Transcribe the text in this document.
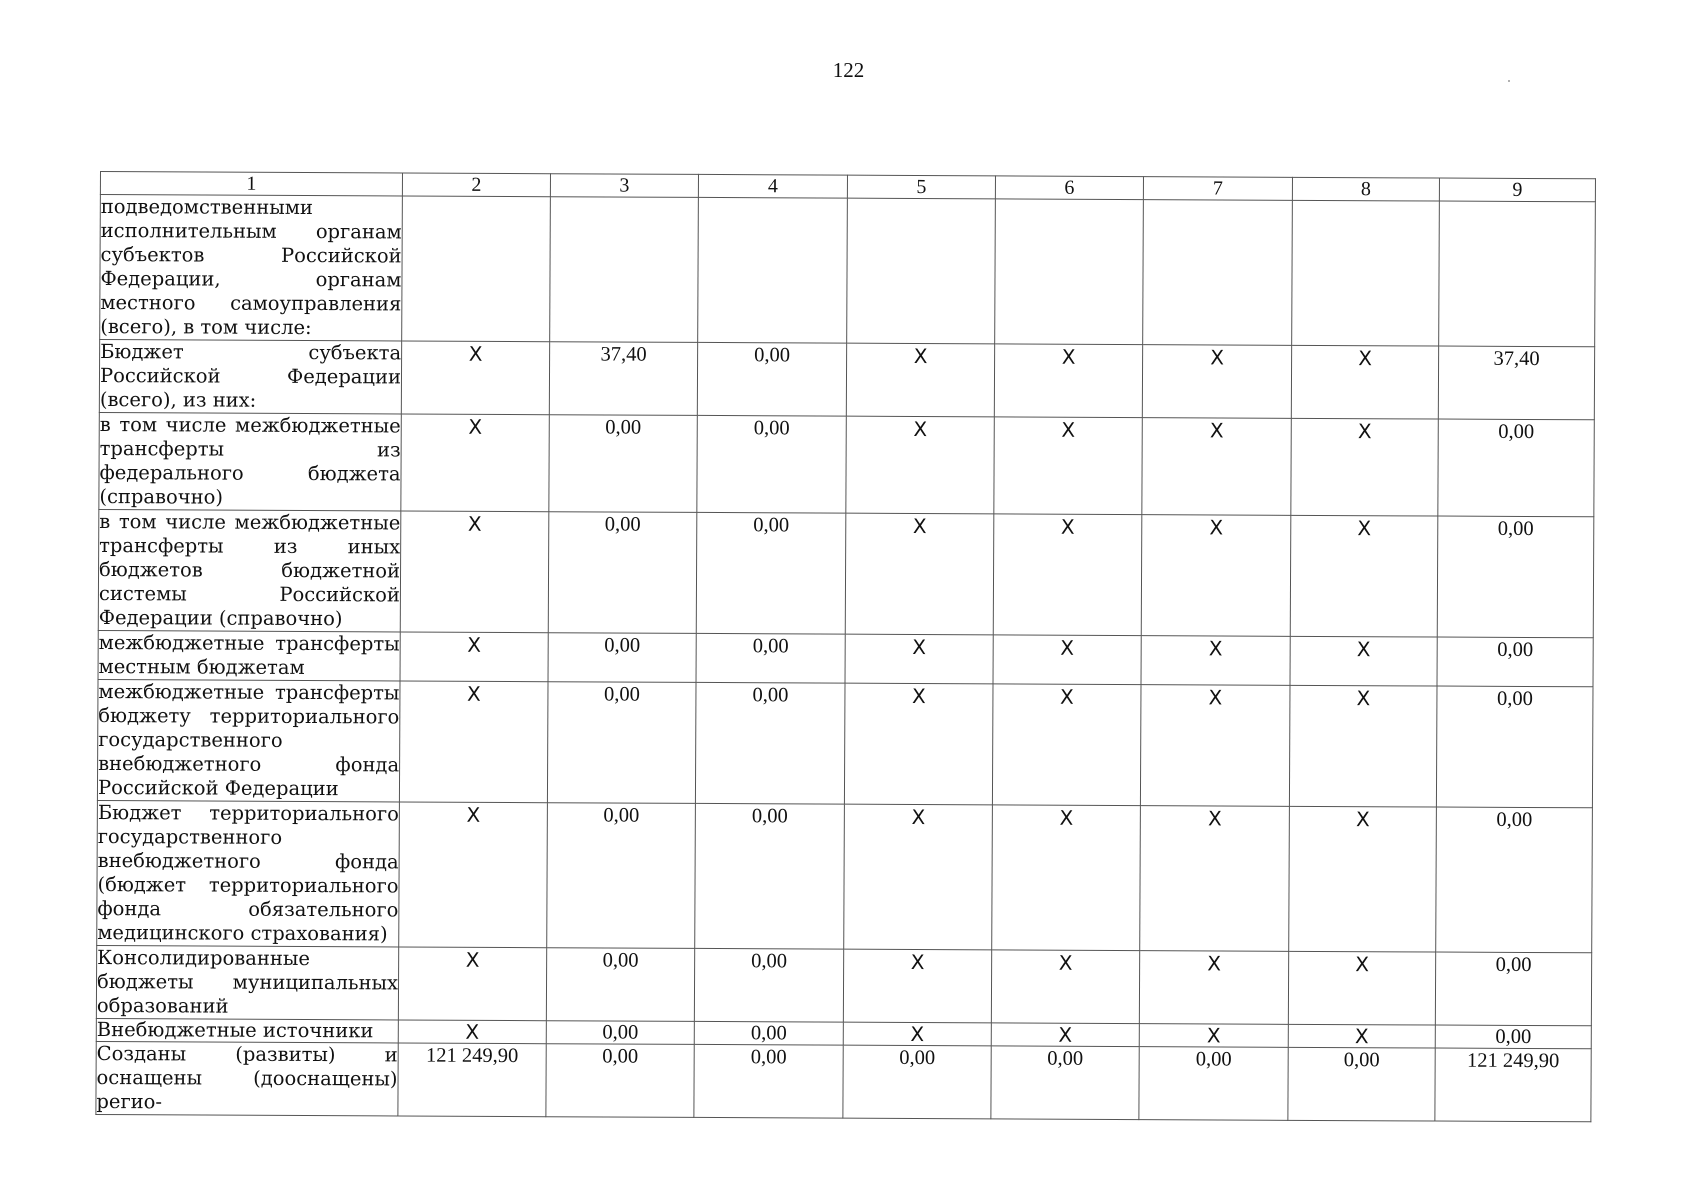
122
1	2	3	4	5	6	7	8	9
подведомственными исполнительным органам субъектов Российской Федерации, органам местного самоуправления (всего), в том числе:								
Бюджет субъекта Российской Федерации (всего), из них:	X	37,40	0,00	X	X	X	X	37,40
в том числе межбюджетные трансферты из федерального бюджета (справочно)	X	0,00	0,00	X	X	X	X	0,00
в том числе межбюджетные трансферты из иных бюджетов бюджетной системы Российской Федерации (справочно)	X	0,00	0,00	X	X	X	X	0,00
межбюджетные трансферты местным бюджетам	X	0,00	0,00	X	X	X	X	0,00
межбюджетные трансферты бюджету территориального государственного внебюджетного фонда Российской Федерации	X	0,00	0,00	X	X	X	X	0,00
Бюджет территориального государственного внебюджетного фонда (бюджет территориального фонда обязательного медицинского страхования)	X	0,00	0,00	X	X	X	X	0,00
Консолидированные бюджеты муниципальных образований	X	0,00	0,00	X	X	X	X	0,00
Внебюджетные источники	X	0,00	0,00	X	X	X	X	0,00
Созданы (развиты) и оснащены (дооснащены) регио-	121 249,90	0,00	0,00	0,00	0,00	0,00	0,00	121 249,90
